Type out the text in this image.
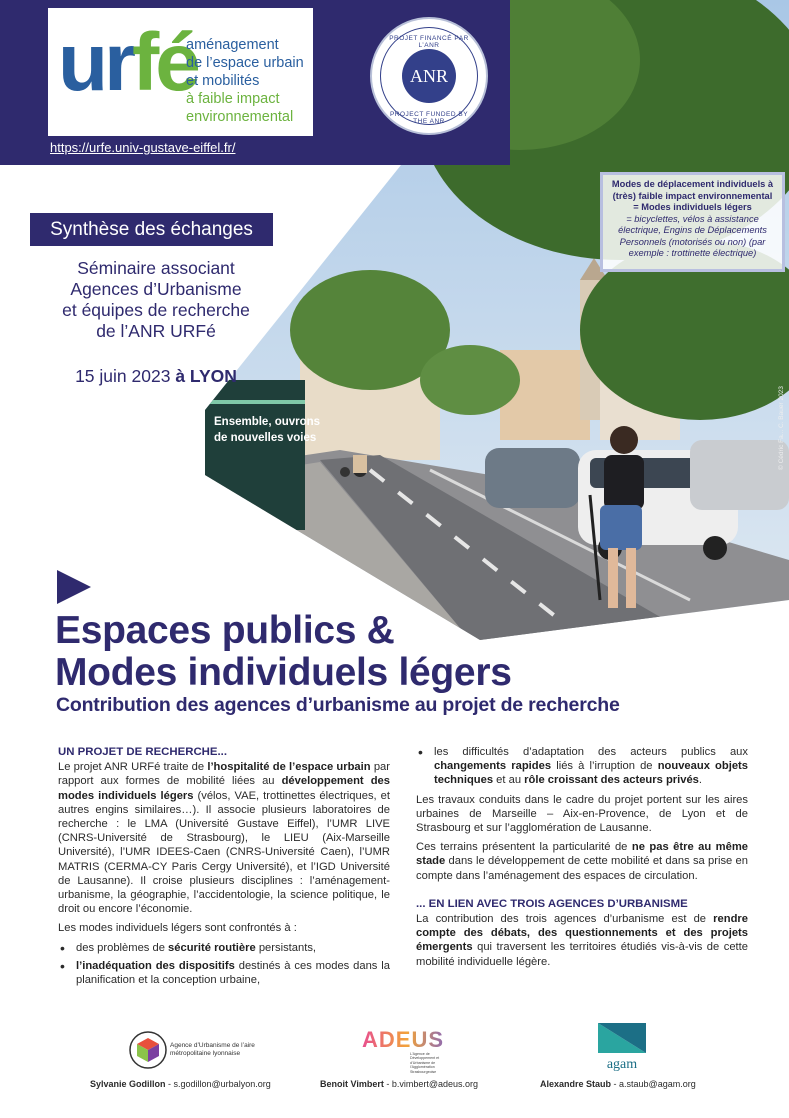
Ensemble, ouvrons
de nouvelles voies	© Cédric Fa... C. Bauer 2023
urfé
aménagement
de l’espace urbain
et mobilités
à faible impact
environnemental
https://urfe.univ-gustave-eiffel.fr/
PROJET FINANCÉ PAR L’ANR
ANR
PROJECT FUNDED BY THE ANR
Modes de déplacement individuels à (très) faible impact environnemental = Modes individuels légers
= bicyclettes, vélos à assistance électrique, Engins de Déplacements Personnels (motorisés ou non) (par exemple : trottinette électrique)
Synthèse des échanges
Séminaire associant
Agences d’Urbanisme
et équipes de recherche
de l’ANR URFé
15 juin 2023 à LYON
Espaces publics &
Modes individuels légers
Contribution des agences d’urbanisme au projet de recherche
UN PROJET DE RECHERCHE...
Le projet ANR URFé traite de l’hospitalité de l’espace urbain par rapport aux formes de mobilité liées au développement des modes individuels légers (vélos, VAE, trottinettes électriques, et autres engins similaires…). Il associe plusieurs laboratoires de recherche : le LMA (Université Gustave Eiffel), l’UMR LIVE (CNRS-Université de Strasbourg), le LIEU (Aix-Marseille Université), l’UMR IDEES-Caen (CNRS-Université Caen), l’UMR MATRIS (CERMA-CY Paris Cergy Université), et l’IGD Université de Lausanne). Il croise plusieurs disciplines : l’aménagement-urbanisme, la géographie, l’accidentologie, la science politique, le droit ou encore l’économie.
Les modes individuels légers sont confrontés à :
• des problèmes de sécurité routière persistants,
• l’inadéquation des dispositifs destinés à ces modes dans la planification et la conception urbaine,
• les difficultés d’adaptation des acteurs publics aux changements rapides liés à l’irruption de nouveaux objets techniques et au rôle croissant des acteurs privés.
Les travaux conduits dans le cadre du projet portent sur les aires urbaines de Marseille – Aix-en-Provence, de Lyon et de Strasbourg et sur l’agglomération de Lausanne.
Ces terrains présentent la particularité de ne pas être au même stade dans le développement de cette mobilité et dans sa prise en compte dans l’aménagement des espaces de circulation.
... EN LIEN AVEC TROIS AGENCES D’URBANISME
La contribution des trois agences d’urbanisme est de rendre compte des débats, des questionnements et des projets émergents qui traversent les territoires étudiés vis-à-vis de cette mobilité individuelle légère.
Agence d’Urbanisme de l’aire métropolitaine lyonnaise
ADEUS
L’Agence de Développement et d’Urbanisme de l’Agglomération Strasbourgeoise	agam
Sylvanie Godillon - s.godillon@urbalyon.org	Benoit Vimbert - b.vimbert@adeus.org	Alexandre Staub - a.staub@agam.org
